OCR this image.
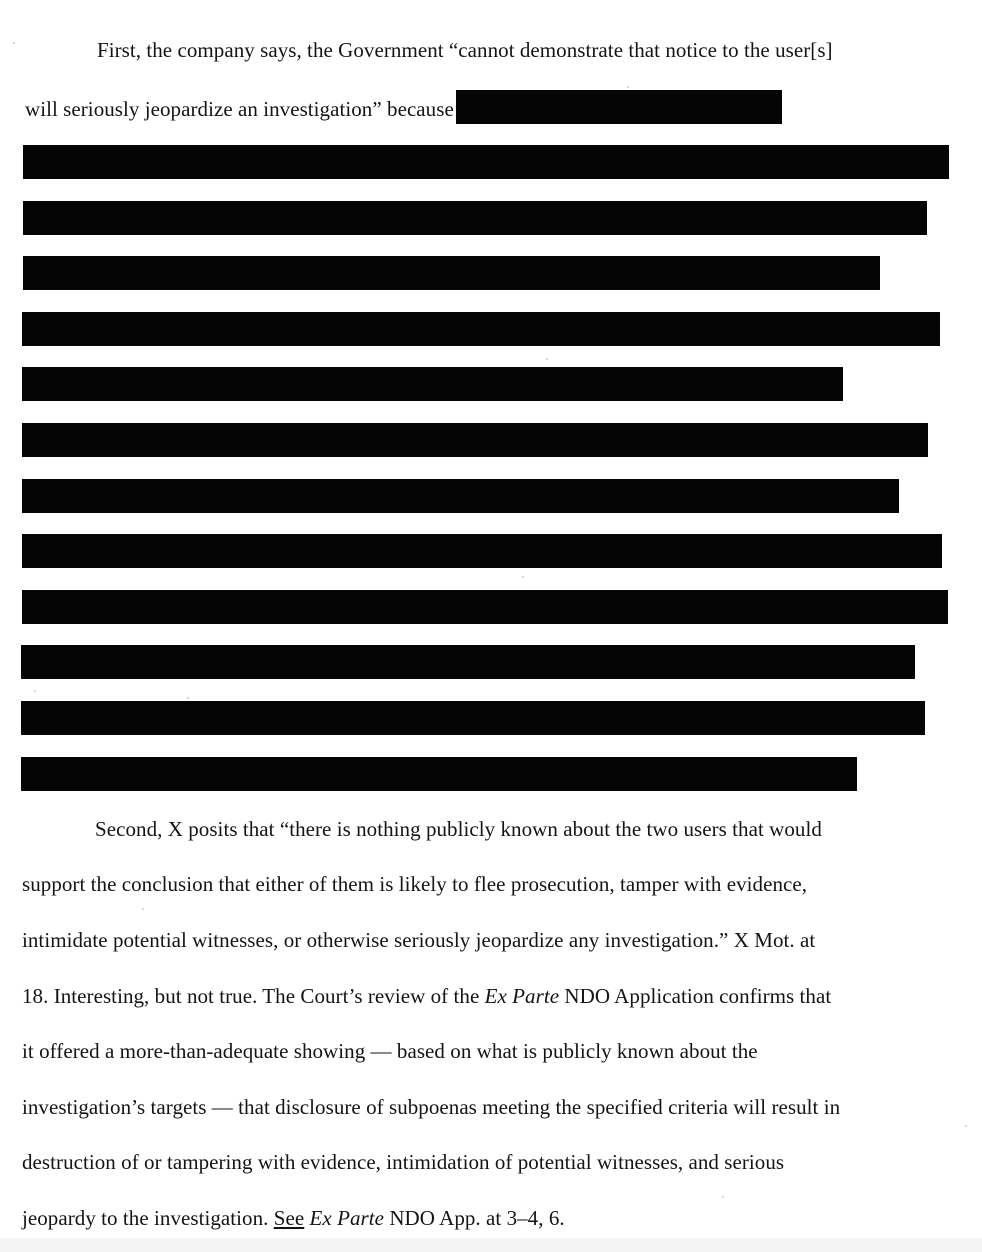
First, the company says, the Government “cannot demonstrate that notice to the user[s]
will seriously jeopardize an investigation” because
Second, X posits that “there is nothing publicly known about the two users that would
support the conclusion that either of them is likely to flee prosecution, tamper with evidence,
intimidate potential witnesses, or otherwise seriously jeopardize any investigation.” X Mot. at
18. Interesting, but not true. The Court’s review of the Ex Parte NDO Application confirms that
it offered a more-than-adequate showing — based on what is publicly known about the
investigation’s targets — that disclosure of subpoenas meeting the specified criteria will result in
destruction of or tampering with evidence, intimidation of potential witnesses, and serious
jeopardy to the investigation. See Ex Parte NDO App. at 3–4, 6.
